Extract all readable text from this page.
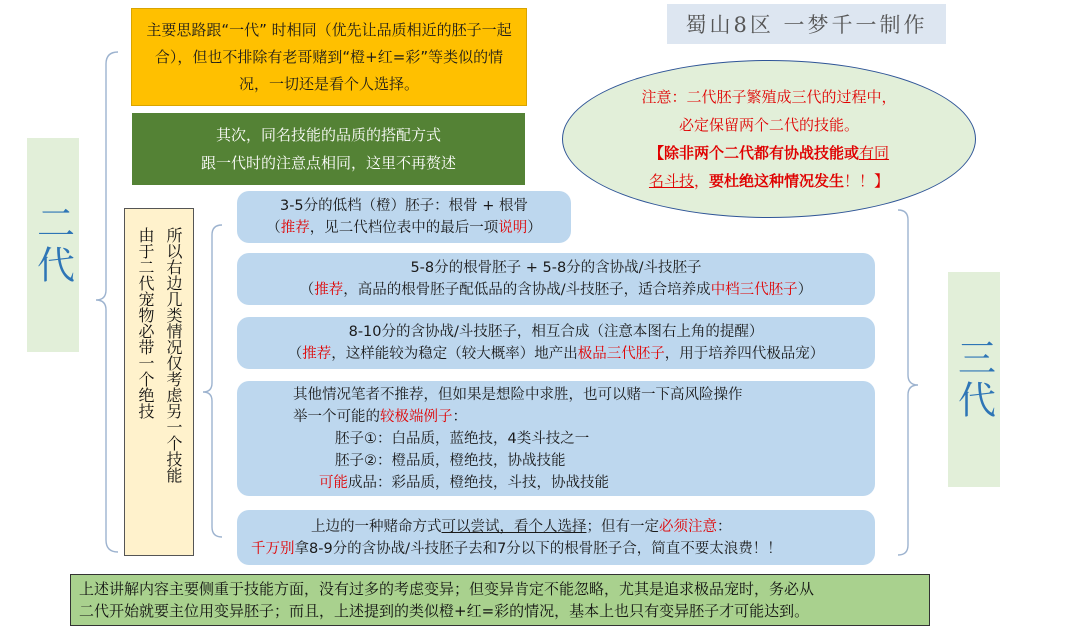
蜀山8区 一梦千一制作
二代
三代
主要思路跟“一代” 时相同（优先让品质相近的胚子一起合），但也不排除有老哥赌到“橙+红=彩”等类似的情况，一切还是看个人选择。
其次，同名技能的品质的搭配方式
跟一代时的注意点相同，这里不再赘述
注意：二代胚子繁殖成三代的过程中，
必定保留两个二代的技能。
【除非两个二代都有协战技能或有同
名斗技，要杜绝这种情况发生！！】
所以右边几类情况仅考虑另一个技能
由于二代宠物必带一个绝技
3-5分的低档（橙）胚子：根骨 + 根骨
（推荐，见二代档位表中的最后一项说明）
5-8分的根骨胚子 + 5-8分的含协战/斗技胚子
（推荐，高品的根骨胚子配低品的含协战/斗技胚子，适合培养成中档三代胚子）
8-10分的含协战/斗技胚子，相互合成（注意本图右上角的提醒）
（推荐，这样能较为稳定（较大概率）地产出极品三代胚子，用于培养四代极品宠）
其他情况笔者不推荐，但如果是想险中求胜，也可以赌一下高风险操作
举一个可能的较极端例子：
胚子①：白品质，蓝绝技，4类斗技之一
胚子②：橙品质，橙绝技，协战技能
可能成品：彩品质，橙绝技，斗技，协战技能
上边的一种赌命方式可以尝试，看个人选择；但有一定必须注意：
千万别拿8-9分的含协战/斗技胚子去和7分以下的根骨胚子合，简直不要太浪费！！
上述讲解内容主要侧重于技能方面，没有过多的考虑变异；但变异肯定不能忽略，尤其是追求极品宠时，务必从
二代开始就要主位用变异胚子；而且，上述提到的类似橙+红=彩的情况，基本上也只有变异胚子才可能达到。
